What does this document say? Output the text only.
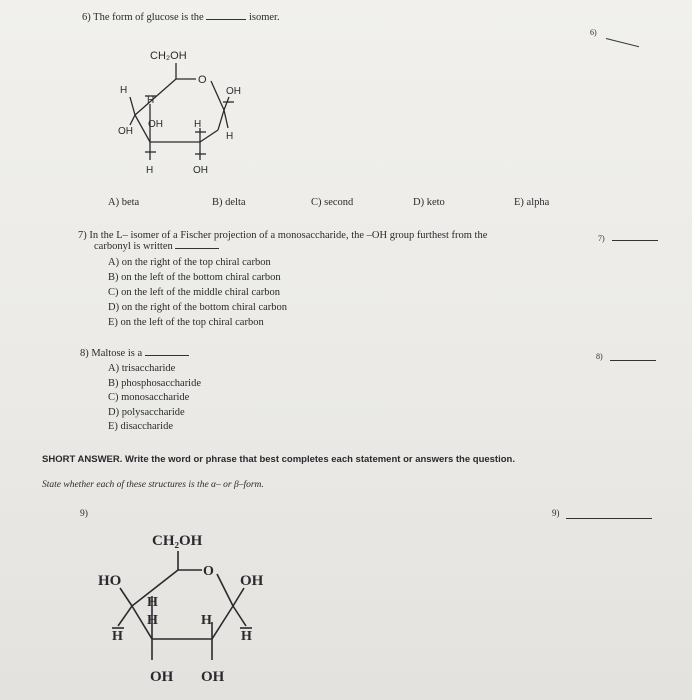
6) The form of glucose is the	isomer.
6)
CH₂OH
O
H
H
OH
OH	H
OH	H
H	OH
A) beta	B) delta	C) second	D) keto	E) alpha
7) In the L– isomer of a Fischer projection of a monosaccharide, the –OH group furthest from the
carbonyl is written
7)
A) on the right of the top chiral carbon
B) on the left of the bottom chiral carbon
C) on the left of the middle chiral carbon
D) on the right of the bottom chiral carbon
E) on the left of the top chiral carbon
8) Maltose is a	8)
A) trisaccharide
B) phosphosaccharide
C) monosaccharide
D) polysaccharide
E) disaccharide
SHORT ANSWER. Write the word or phrase that best completes each statement or answers the question.
State whether each of these structures is the α– or β–form.
9)	9)
CH₂OH
O
HO	OH
H
H	H
H	H
OH OH
